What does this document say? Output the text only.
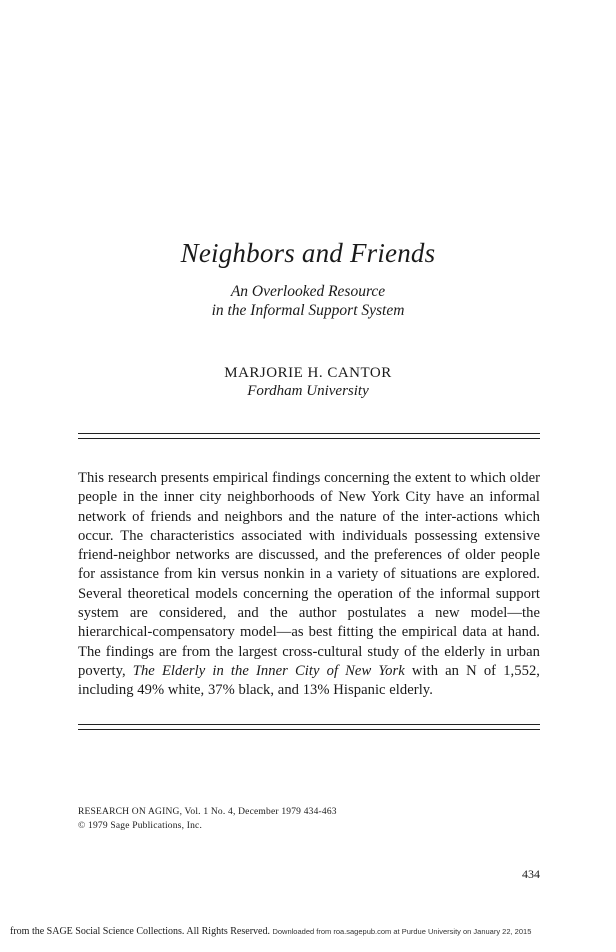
Neighbors and Friends
An Overlooked Resource
in the Informal Support System
MARJORIE H. CANTOR
Fordham University
This research presents empirical findings concerning the extent to which older people in the inner city neighborhoods of New York City have an informal network of friends and neighbors and the nature of the inter-actions which occur. The characteristics associated with individuals possessing extensive friend-neighbor networks are discussed, and the preferences of older people for assistance from kin versus nonkin in a variety of situations are explored. Several theoretical models concerning the operation of the informal support system are considered, and the author postulates a new model—the hierarchical-compensatory model—as best fitting the empirical data at hand. The findings are from the largest cross-cultural study of the elderly in urban poverty, The Elderly in the Inner City of New York with an N of 1,552, including 49% white, 37% black, and 13% Hispanic elderly.
RESEARCH ON AGING, Vol. 1 No. 4, December 1979 434-463
© 1979 Sage Publications, Inc.
434
from the SAGE Social Science Collections. All Rights Reserved. Downloaded from roa.sagepub.com at Purdue University on January 22, 2015
